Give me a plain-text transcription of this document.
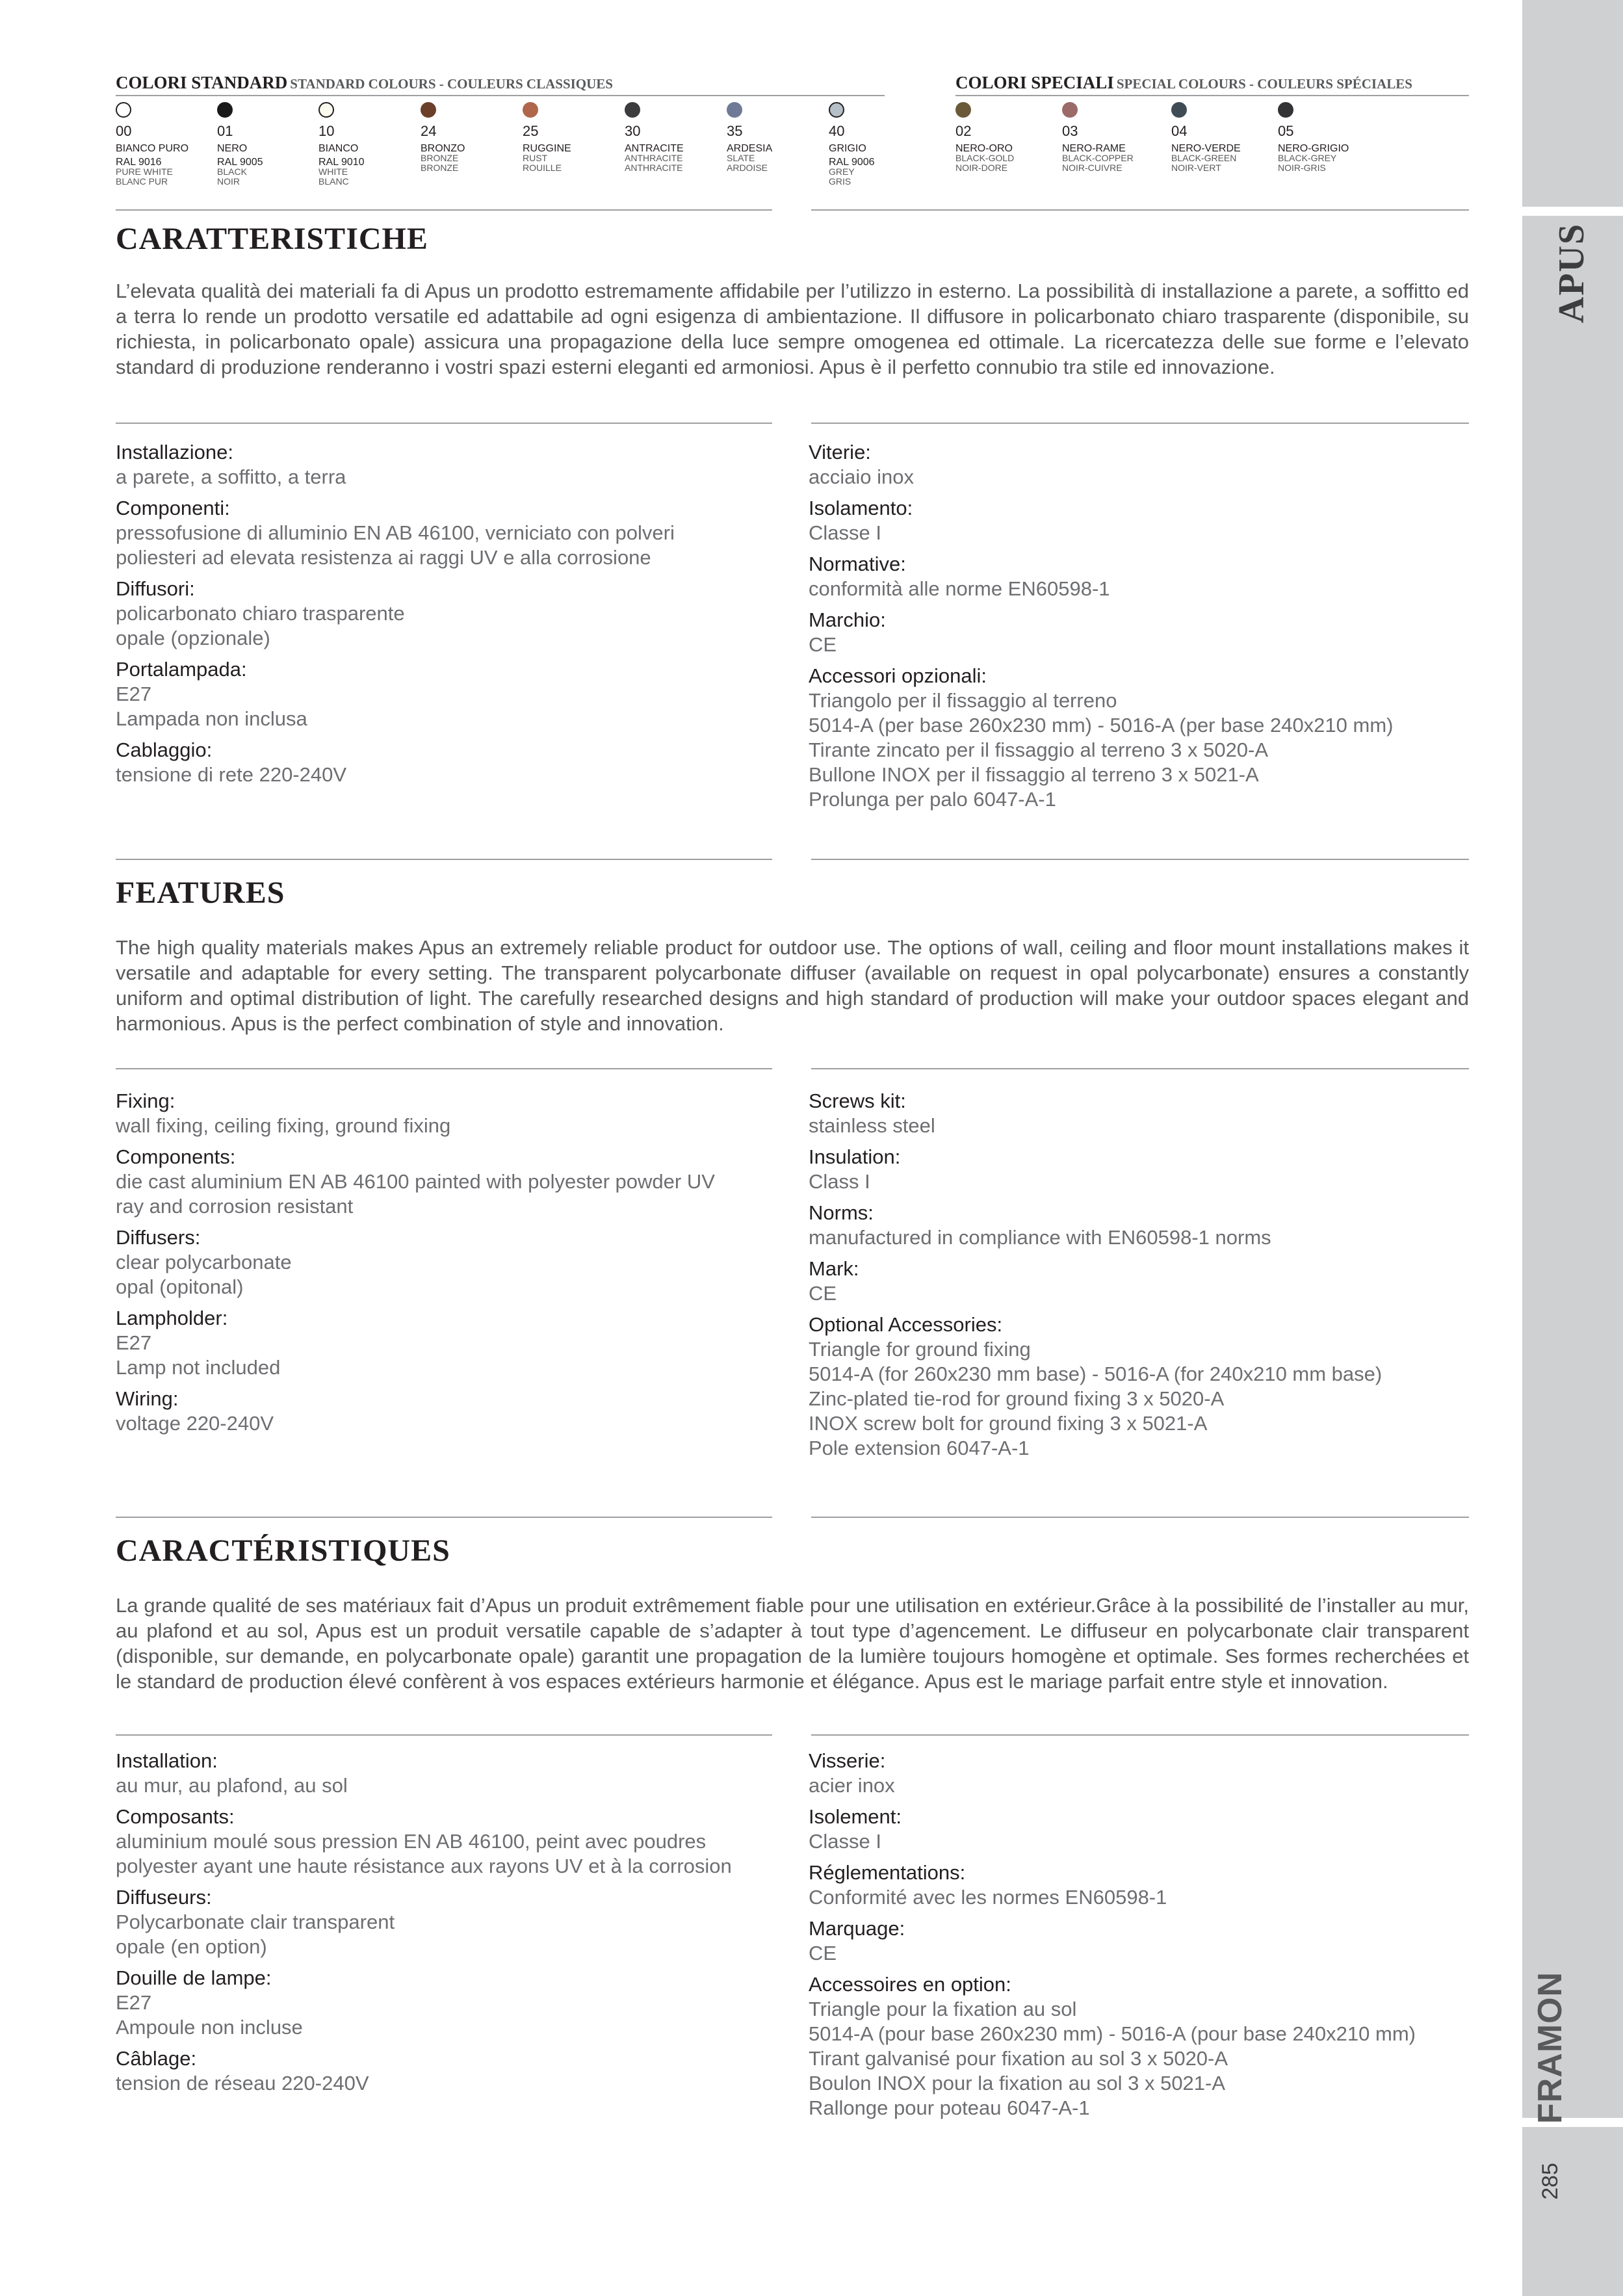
APUS
FRAMON
285
COLORI STANDARD STANDARD COLOURS - COULEURS CLASSIQUES	COLORI SPECIALI SPECIAL COLOURS - COULEURS SPÉCIALES
00
BIANCO PURO
RAL 9016
PURE WHITE
BLANC PUR
01
NERO
RAL 9005
BLACK
NOIR
10
BIANCO
RAL 9010
WHITE
BLANC
24
BRONZO
BRONZE
BRONZE
25
RUGGINE
RUST
ROUILLE
30
ANTRACITE
ANTHRACITE
ANTHRACITE
35
ARDESIA
SLATE
ARDOISE
40
GRIGIO
RAL 9006
GREY
GRIS
02
NERO-ORO
BLACK-GOLD
NOIR-DORE
03
NERO-RAME
BLACK-COPPER
NOIR-CUIVRE
04
NERO-VERDE
BLACK-GREEN
NOIR-VERT
05
NERO-GRIGIO
BLACK-GREY
NOIR-GRIS
CARATTERISTICHE

L’elevata qualità dei materiali fa di Apus un prodotto estremamente affidabile per l’utilizzo in esterno. La possibilità di installazione a parete, a soffitto ed a terra lo rende un prodotto versatile ed adattabile ad ogni esigenza di ambientazione. Il diffusore in policarbonato chiaro trasparente (disponibile, su richiesta, in policarbonato opale) assicura una propagazione della luce sempre omogenea ed ottimale. La ricercatezza delle sue forme e l’elevato standard di produzione renderanno i vostri spazi esterni eleganti ed armoniosi. Apus è il perfetto connubio tra stile ed innovazione.

Installazione:
a parete, a soffitto, a terra
Componenti:
pressofusione di alluminio EN AB 46100, verniciato con polveri
poliesteri ad elevata resistenza ai raggi UV e alla corrosione
Diffusori:
policarbonato chiaro trasparente
opale (opzionale)
Portalampada:
E27
Lampada non inclusa
Cablaggio:
tensione di rete 220-240V
Viterie:
acciaio inox
Isolamento:
Classe I
Normative:
conformità alle norme EN60598-1
Marchio:
CE
Accessori opzionali:
Triangolo per il fissaggio al terreno
5014-A (per base 260x230 mm) - 5016-A (per base 240x210 mm)
Tirante zincato per il fissaggio al terreno 3 x 5020-A
Bullone INOX per il fissaggio al terreno 3 x 5021-A
Prolunga per palo 6047-A-1
FEATURES

The high quality materials makes Apus an extremely reliable product for outdoor use. The options of wall, ceiling and floor mount installations makes it versatile and adaptable for every setting. The transparent polycarbonate diffuser (available on request in opal polycarbonate) ensures a constantly uniform and optimal distribution of light. The carefully researched designs and high standard of production will make your outdoor spaces elegant and harmonious. Apus is the perfect combination of style and innovation.

Fixing:
wall fixing, ceiling fixing, ground fixing
Components:
die cast aluminium EN AB 46100 painted with polyester powder UV
ray and corrosion resistant
Diffusers:
clear polycarbonate
opal (opitonal)
Lampholder:
E27
Lamp not included
Wiring:
voltage 220-240V
Screws kit:
stainless steel
Insulation:
Class I
Norms:
manufactured in compliance with EN60598-1 norms
Mark:
CE
Optional Accessories:
Triangle for ground fixing
5014-A (for 260x230 mm base) - 5016-A (for 240x210 mm base)
Zinc-plated tie-rod for ground fixing 3 x 5020-A
INOX screw bolt for ground fixing 3 x 5021-A
Pole extension 6047-A-1
CARACTÉRISTIQUES

La grande qualité de ses matériaux fait d’Apus un produit extrêmement fiable pour une utilisation en extérieur.Grâce à la possibilité de l’installer au mur, au plafond et au sol, Apus est un produit versatile capable de s’adapter à tout type d’agencement. Le diffuseur en polycarbonate clair transparent (disponible, sur demande, en polycarbonate opale) garantit une propagation de la lumière toujours homogène et optimale. Ses formes recherchées et le standard de production élevé confèrent à vos espaces extérieurs harmonie et élégance. Apus est le mariage parfait entre style et innovation.

Installation:
au mur, au plafond, au sol
Composants:
aluminium moulé sous pression EN AB 46100, peint avec poudres
polyester ayant une haute résistance aux rayons UV et à la corrosion
Diffuseurs:
Polycarbonate clair transparent
opale (en option)
Douille de lampe:
E27
Ampoule non incluse
Câblage:
tension de réseau 220-240V
Visserie:
acier inox
Isolement:
Classe I
Réglementations:
Conformité avec les normes EN60598-1
Marquage:
CE
Accessoires en option:
Triangle pour la fixation au sol
5014-A (pour base 260x230 mm) - 5016-A (pour base 240x210 mm)
Tirant galvanisé pour fixation au sol 3 x 5020-A
Boulon INOX pour la fixation au sol 3 x 5021-A
Rallonge pour poteau 6047-A-1
